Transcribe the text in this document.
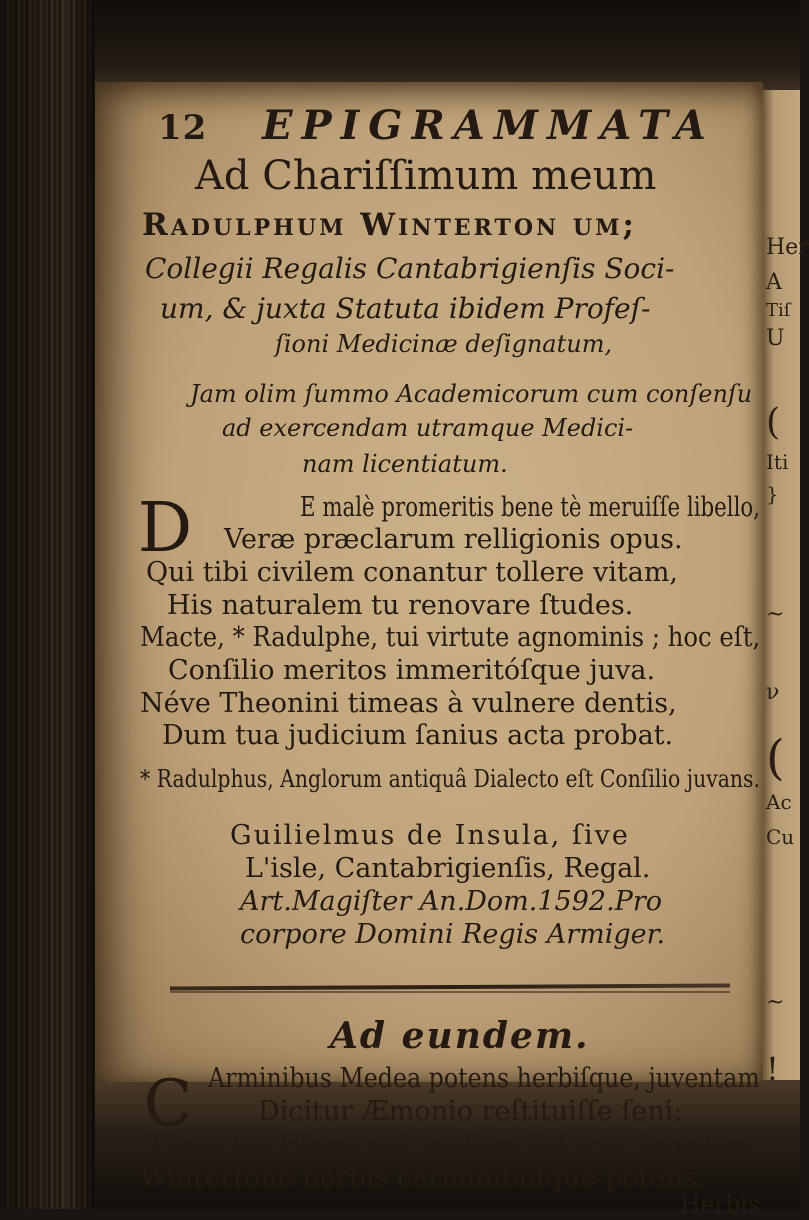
Her
A
Tiſ
U
(
Iti
}
~
ν
(
Ac
Cu
~
!
12 EPIGRAMMATA
Ad Chariſſimum meum
Radulphum Winterton um;
Collegii Regalis Cantabrigienſis Soci-
um, & juxta Statuta ibidem Profeſ-
ſioni Medicinæ deſignatum,
Jam olim ſummo Academicorum cum conſenſu
ad exercendam utramque Medici-
nam licentiatum.
D	E malè promeritis bene tè meruiſſe libello,
Veræ præclarum relligionis opus.
Qui tibi civilem conantur tollere vitam,
His naturalem tu renovare ſtudes.
Macte, * Radulphe, tui virtute agnominis ; hoc eſt,
Conſilio meritos immeritóſque juva.
Néve Theonini timeas à vulnere dentis,
Dum tua judicium ſanius acta probat.
* Radulphus, Anglorum antiquâ Dialecto eſt Conſilio juvans.
Guilielmus de Insula, ſive
L'isle, Cantabrigienſis, Regal.
Art.Magiſter An.Dom.1592.Pro
corpore Domini Regis Armiger.
Ad eundem.
C Arminibus Medea potens herbiſque, juventam
Dicitur Æmonio reſtituiſſe ſeni:
Túque tuo Hippocrati, meliore ſed arte, juventam,
Wintertone herbis carminibúſque potens.
Herbis
